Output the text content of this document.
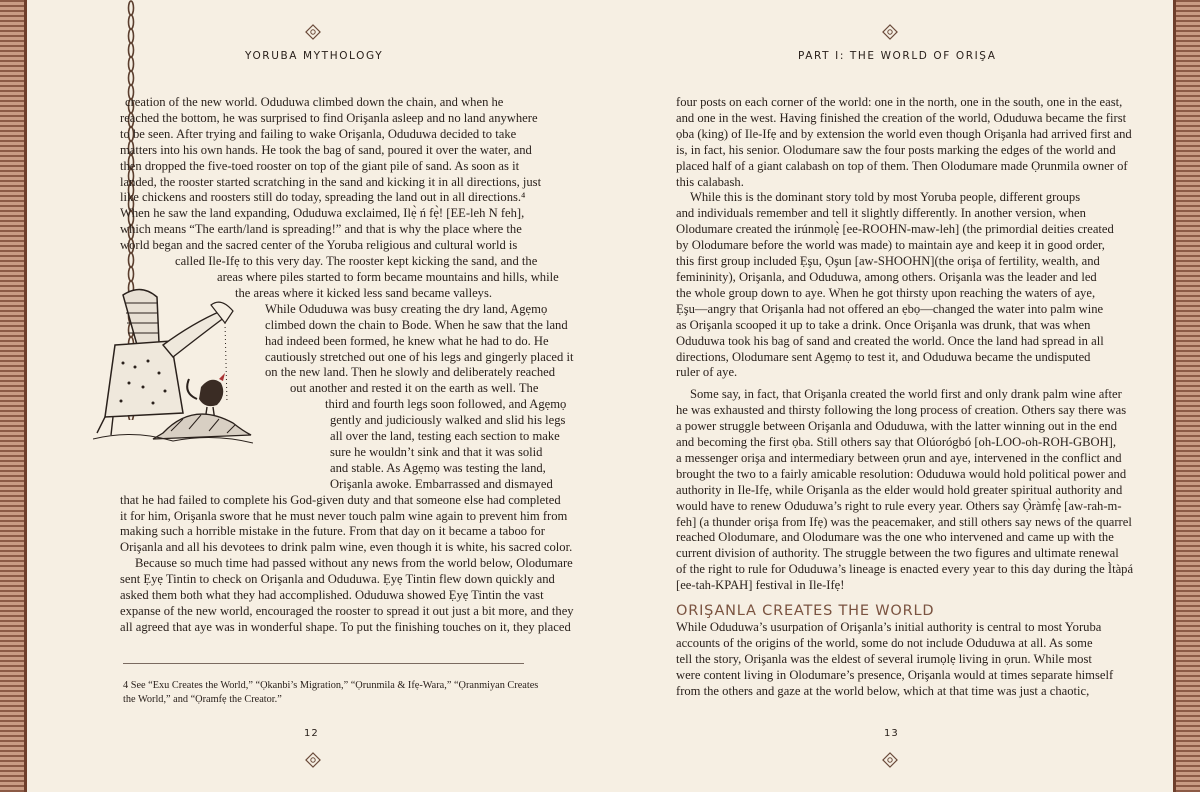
YORUBA MYTHOLOGY

creation of the new world. Oduduwa climbed down the chain, and when he

reached the bottom, he was surprised to find Orişanla asleep and no land anywhere

to be seen. After trying and failing to wake Orişanla, Oduduwa decided to take

matters into his own hands. He took the bag of sand, poured it over the water, and

then dropped the five-toed rooster on top of the giant pile of sand. As soon as it

landed, the rooster started scratching in the sand and kicking it in all directions, just

like chickens and roosters still do today, spreading the land out in all directions.⁴

When he saw the land expanding, Oduduwa exclaimed, Ilẹ̀ ń fẹ̀! [EE-leh N feh],

which means “The earth/land is spreading!” and that is why the place where the

world began and the sacred center of the Yoruba religious and cultural world is

called Ile-Ifẹ to this very day. The rooster kept kicking the sand, and the

areas where piles started to form became mountains and hills, while

the areas where it kicked less sand became valleys.

While Oduduwa was busy creating the dry land, Agẹmọ

climbed down the chain to Bode. When he saw that the land

had indeed been formed, he knew what he had to do. He

cautiously stretched out one of his legs and gingerly placed it

on the new land. Then he slowly and deliberately reached

out another and rested it on the earth as well. The

third and fourth legs soon followed, and Agẹmọ

gently and judiciously walked and slid his legs

all over the land, testing each section to make

sure he wouldn’t sink and that it was solid

and stable. As Agẹmọ was testing the land,

Orişanla awoke. Embarrassed and dismayed

that he had failed to complete his God-given duty and that someone else had completed

it for him, Orişanla swore that he must never touch palm wine again to prevent him from

making such a horrible mistake in the future. From that day on it became a taboo for

Orişanla and all his devotees to drink palm wine, even though it is white, his sacred color.

Because so much time had passed without any news from the world below, Olodumare

sent Ẹyẹ Tintin to check on Orişanla and Oduduwa. Ẹyẹ Tintin flew down quickly and

asked them both what they had accomplished. Oduduwa showed Ẹyẹ Tintin the vast

expanse of the new world, encouraged the rooster to spread it out just a bit more, and they

all agreed that aye was in wonderful shape. To put the finishing touches on it, they placed

4 See “Exu Creates the World,” “Ọkanbi’s Migration,” “Ọrunmila & Ifẹ-Wara,” “Ọranmiyan Creates

the World,” and “Ọramfẹ the Creator.”

12
PART I: THE WORLD OF ORIŞA

four posts on each corner of the world: one in the north, one in the south, one in the east,

and one in the west. Having finished the creation of the world, Oduduwa became the first

ọba (king) of Ile-Ifẹ and by extension the world even though Orişanla had arrived first and

is, in fact, his senior. Olodumare saw the four posts marking the edges of the world and

placed half of a giant calabash on top of them. Then Olodumare made Ọrunmila owner of

this calabash.

While this is the dominant story told by most Yoruba people, different groups

and individuals remember and tell it slightly differently. In another version, when

Olodumare created the irúnmọlẹ̀ [ee-ROOHN-maw-leh] (the primordial deities created

by Olodumare before the world was made) to maintain aye and keep it in good order,

this first group included Ẹşu, Ọşun [aw-SHOOHN](the orişa of fertility, wealth, and

femininity), Orişanla, and Oduduwa, among others. Orişanla was the leader and led

the whole group down to aye. When he got thirsty upon reaching the waters of aye,

Ẹşu—angry that Orişanla had not offered an ẹbọ—changed the water into palm wine

as Orişanla scooped it up to take a drink. Once Orişanla was drunk, that was when

Oduduwa took his bag of sand and created the world. Once the land had spread in all

directions, Olodumare sent Agẹmọ to test it, and Oduduwa became the undisputed

ruler of aye.

Some say, in fact, that Orişanla created the world first and only drank palm wine after

he was exhausted and thirsty following the long process of creation. Others say there was

a power struggle between Orişanla and Oduduwa, with the latter winning out in the end

and becoming the first ọba. Still others say that Olúorógbó [oh-LOO-oh-ROH-GBOH],

a messenger orişa and intermediary between ọrun and aye, intervened in the conflict and

brought the two to a fairly amicable resolution: Oduduwa would hold political power and

authority in Ile-Ifẹ, while Orişanla as the elder would hold greater spiritual authority and

would have to renew Oduduwa’s right to rule every year. Others say Ọ̀ràmfẹ̀ [aw-rah-m-

feh] (a thunder orişa from Ifẹ) was the peacemaker, and still others say news of the quarrel

reached Olodumare, and Olodumare was the one who intervened and came up with the

current division of authority. The struggle between the two figures and ultimate renewal

of the right to rule for Oduduwa’s lineage is enacted every year to this day during the Ìtàpá

[ee-tah-KPAH] festival in Ile-Ifẹ!

ORIŞANLA CREATES THE WORLD

While Oduduwa’s usurpation of Orişanla’s initial authority is central to most Yoruba

accounts of the origins of the world, some do not include Oduduwa at all. As some

tell the story, Orişanla was the eldest of several irumọlẹ living in ọrun. While most

were content living in Olodumare’s presence, Orişanla would at times separate himself

from the others and gaze at the world below, which at that time was just a chaotic,

13
